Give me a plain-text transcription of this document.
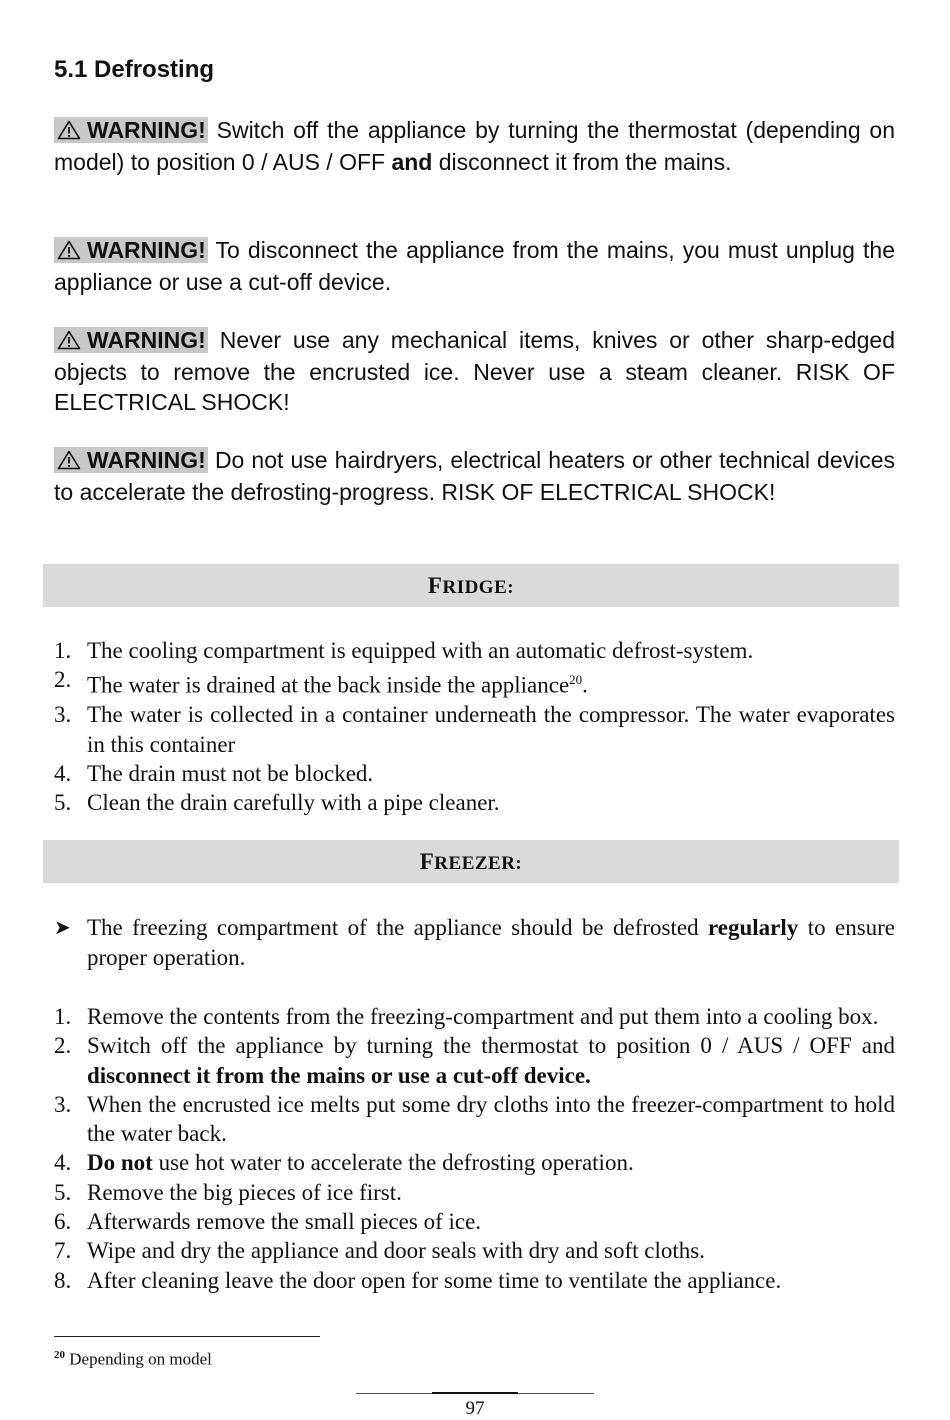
5.1 Defrosting

WARNING! Switch off the appliance by turning the thermostat (depending on model) to position 0 / AUS / OFF and disconnect it from the mains.

WARNING! To disconnect the appliance from the mains, you must unplug the appliance or use a cut-off device.

WARNING! Never use any mechanical items, knives or other sharp-edged objects to remove the encrusted ice. Never use a steam cleaner. RISK OF ELECTRICAL SHOCK!

WARNING! Do not use hairdryers, electrical heaters or other technical devices to accelerate the defrosting-progress. RISK OF ELECTRICAL SHOCK!

FRIDGE:
1. The cooling compartment is equipped with an automatic defrost-system.
2. The water is drained at the back inside the appliance$^{20}$.
3. The water is collected in a container underneath the compressor. The water evaporates in this container
4. The drain must not be blocked.
5. Clean the drain carefully with a pipe cleaner.
FREEZER:

➤ The freezing compartment of the appliance should be defrosted regularly to ensure proper operation.

1. Remove the contents from the freezing-compartment and put them into a cooling box.
2. Switch off the appliance by turning the thermostat to position 0 / AUS / OFF and disconnect it from the mains or use a cut-off device.
3. When the encrusted ice melts put some dry cloths into the freezer-compartment to hold the water back.
4. Do not use hot water to accelerate the defrosting operation.
5. Remove the big pieces of ice first.
6. Afterwards remove the small pieces of ice.
7. Wipe and dry the appliance and door seals with dry and soft cloths.
8. After cleaning leave the door open for some time to ventilate the appliance.

$^{20}$ Depending on model

97
